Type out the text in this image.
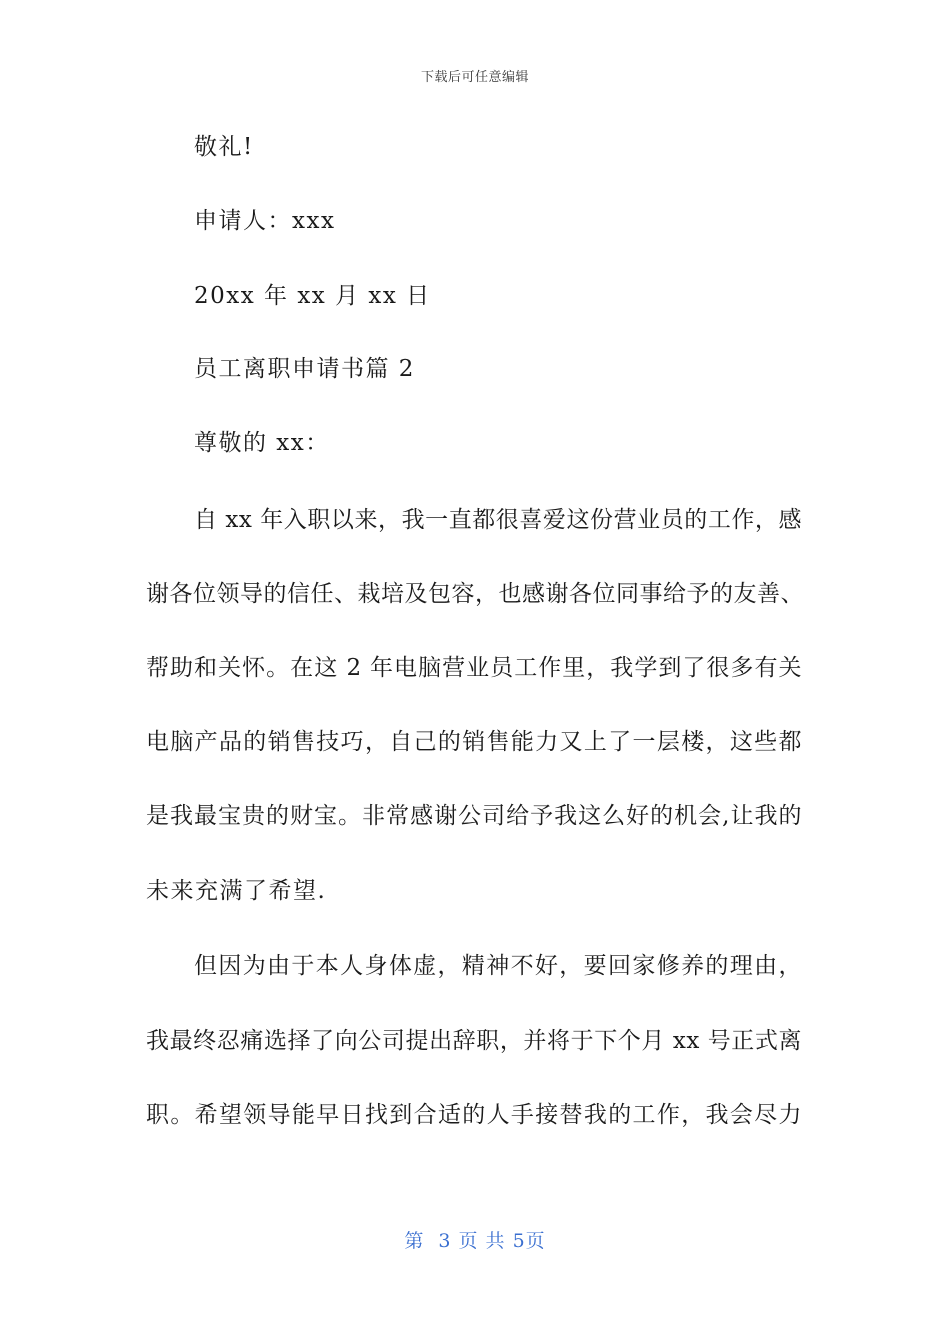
下载后可任意编辑
敬礼!
申请人：xxx
20xx 年 xx 月 xx 日
员工离职申请书篇 2
尊敬的 xx：
自 xx 年入职以来，我一直都很喜爱这份营业员的工作，感
谢各位领导的信任、栽培及包容，也感谢各位同事给予的友善、
帮助和关怀。在这 2 年电脑营业员工作里，我学到了很多有关
电脑产品的销售技巧，自己的销售能力又上了一层楼，这些都
是我最宝贵的财宝。非常感谢公司给予我这么好的机会,让我的
未来充满了希望.
但因为由于本人身体虚，精神不好，要回家修养的理由，
我最终忍痛选择了向公司提出辞职，并将于下个月 xx 号正式离
职。希望领导能早日找到合适的人手接替我的工作，我会尽力
第  3 页 共 5页
